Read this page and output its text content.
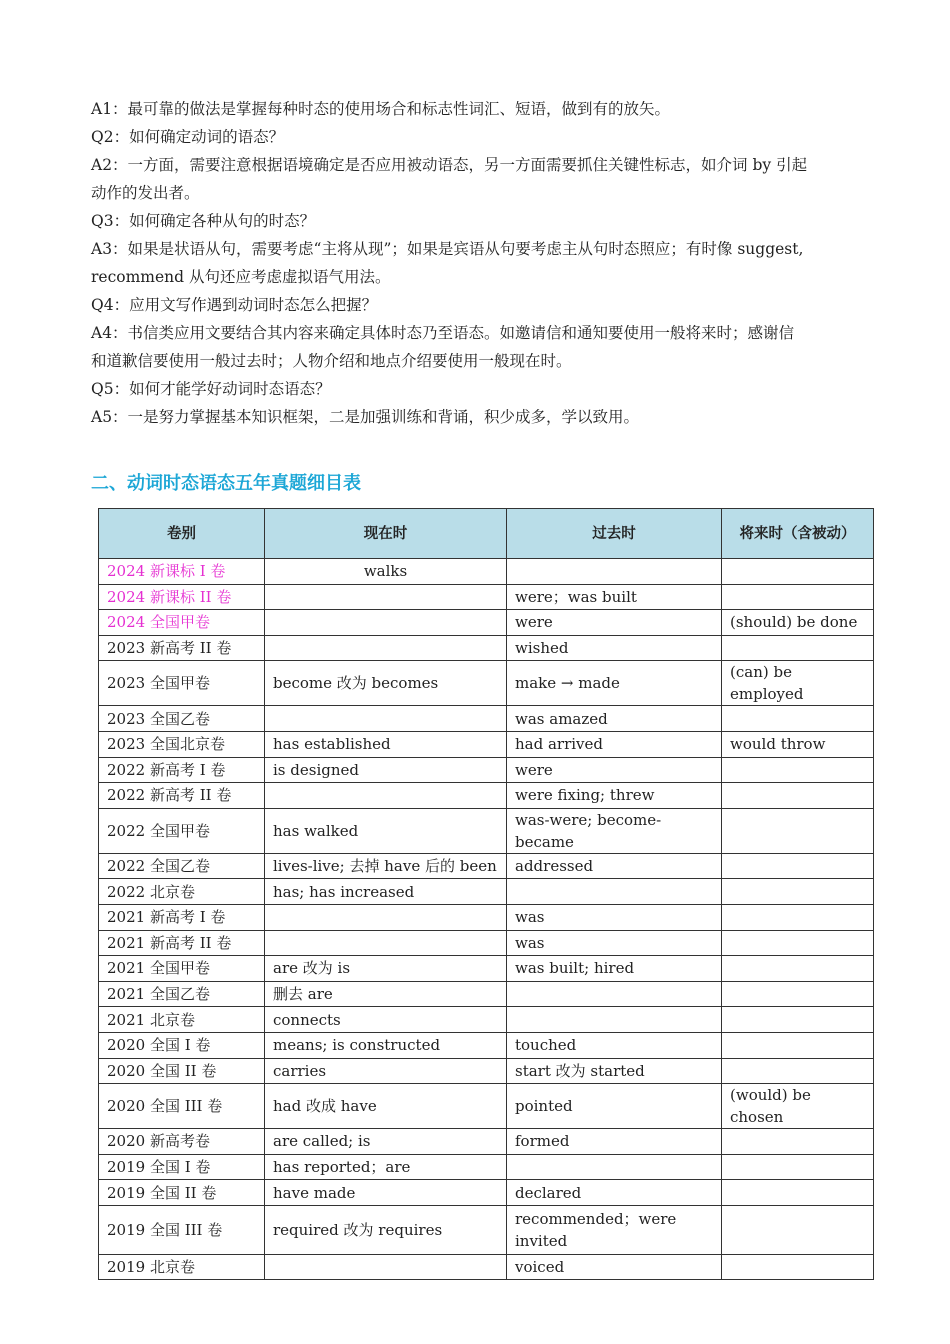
A1：最可靠的做法是掌握每种时态的使用场合和标志性词汇、短语，做到有的放矢。

Q2：如何确定动词的语态？

A2：一方面，需要注意根据语境确定是否应用被动语态，另一方面需要抓住关键性标志，如介词 by 引起

动作的发出者。

Q3：如何确定各种从句的时态？

A3：如果是状语从句，需要考虑“主将从现”；如果是宾语从句要考虑主从句时态照应；有时像 suggest,

recommend 从句还应考虑虚拟语气用法。

Q4：应用文写作遇到动词时态怎么把握？

A4：书信类应用文要结合其内容来确定具体时态乃至语态。如邀请信和通知要使用一般将来时；感谢信

和道歉信要使用一般过去时；人物介绍和地点介绍要使用一般现在时。

Q5：如何才能学好动词时态语态？

A5：一是努力掌握基本知识框架，二是加强训练和背诵，积少成多，学以致用。

二、动词时态语态五年真题细目表
卷别	现在时	过去时	将来时（含被动）
2024 新课标 I 卷	walks		
2024 新课标 II 卷		were；was built	
2024 全国甲卷		were	(should) be done
2023 新高考 II 卷		wished	
2023 全国甲卷	become 改为 becomes	make → made	(can) be employed
2023 全国乙卷		was amazed	
2023 全国北京卷	has established	had arrived	would throw
2022 新高考 I 卷	is designed	were	
2022 新高考 II 卷		were fixing; threw	
2022 全国甲卷	has walked	was-were; become-became	
2022 全国乙卷	lives-live; 去掉 have 后的 been	addressed	
2022 北京卷	has; has increased		
2021 新高考 I 卷		was	
2021 新高考 II 卷		was	
2021 全国甲卷	are 改为 is	was built; hired	
2021 全国乙卷	删去 are		
2021 北京卷	connects		
2020 全国 I 卷	means; is constructed	touched	
2020 全国 II 卷	carries	start 改为 started	
2020 全国 III 卷	had 改成 have	pointed	(would) be chosen
2020 新高考卷	are called; is	formed	
2019 全国 I 卷	has reported；are		
2019 全国 II 卷	have made	declared	
2019 全国 III 卷	required 改为 requires	recommended；were invited	
2019 北京卷		voiced	
